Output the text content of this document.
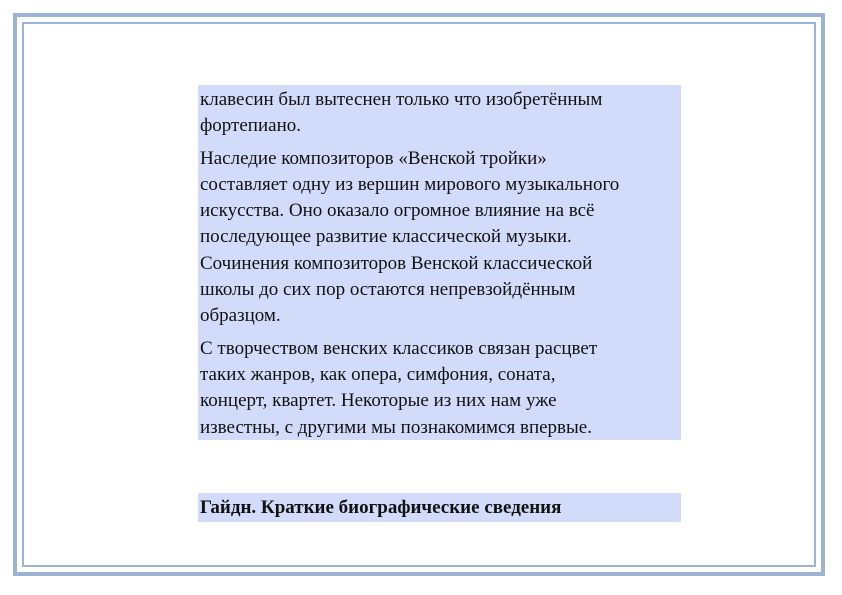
клавесин был вытеснен только что изобретённым
фортепиано.

Наследие композиторов «Венской тройки»
составляет одну из вершин мирового музыкального
искусства. Оно оказало огромное влияние на всё
последующее развитие классической музыки.
Сочинения композиторов Венской классической
школы до сих пор остаются непревзойдённым
образцом.

С творчеством венских классиков связан расцвет
таких жанров, как опера, симфония, соната,
концерт, квартет. Некоторые из них нам уже
известны, с другими мы познакомимся впервые.

Гайдн. Краткие биографические сведения
